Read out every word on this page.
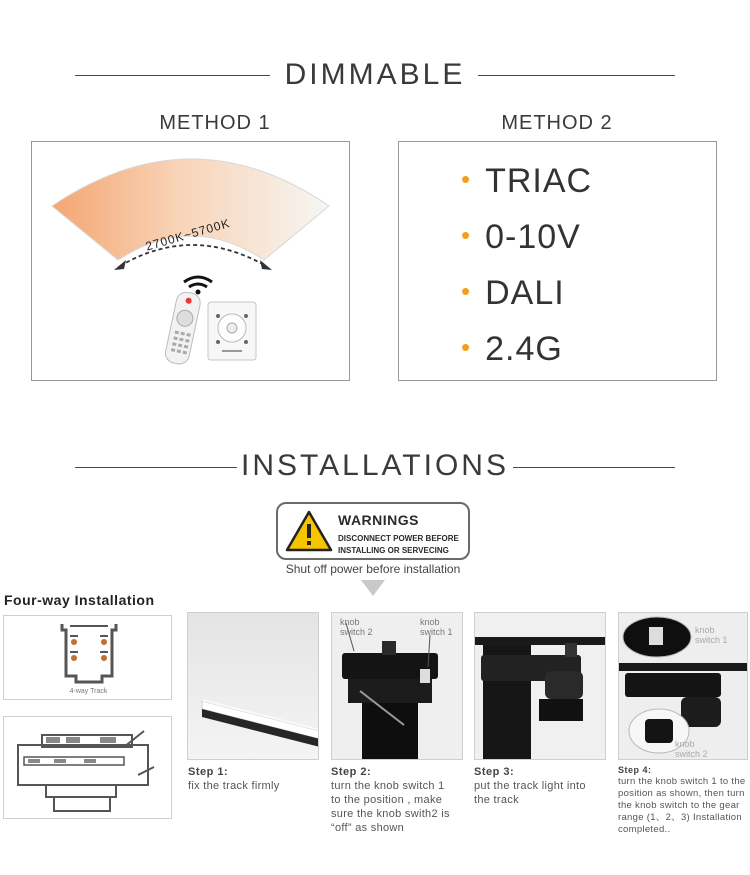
DIMMABLE
METHOD 1	METHOD 2
2700K~5700K
• TRIAC
• 0-10V
• DALI
• 2.4G
INSTALLATIONS
WARNINGS
DISCONNECT POWER BEFORE
INSTALLING OR SERVECING
Shut off power before installation
Four-way Installation
4-way Track
knob
switch 2
knob
switch 1	knob
switch 1
knob
switch 2
Step 1:
fix the track firmly
Step 2:
turn the knob switch 1 to the position , make sure the knob swith2 is “off” as shown
Step 3:
put the track light into the track
Step 4:
turn the knob switch 1 to the position as shown, then turn the knob switch to the gear range (1、2、3) Installation completed..
